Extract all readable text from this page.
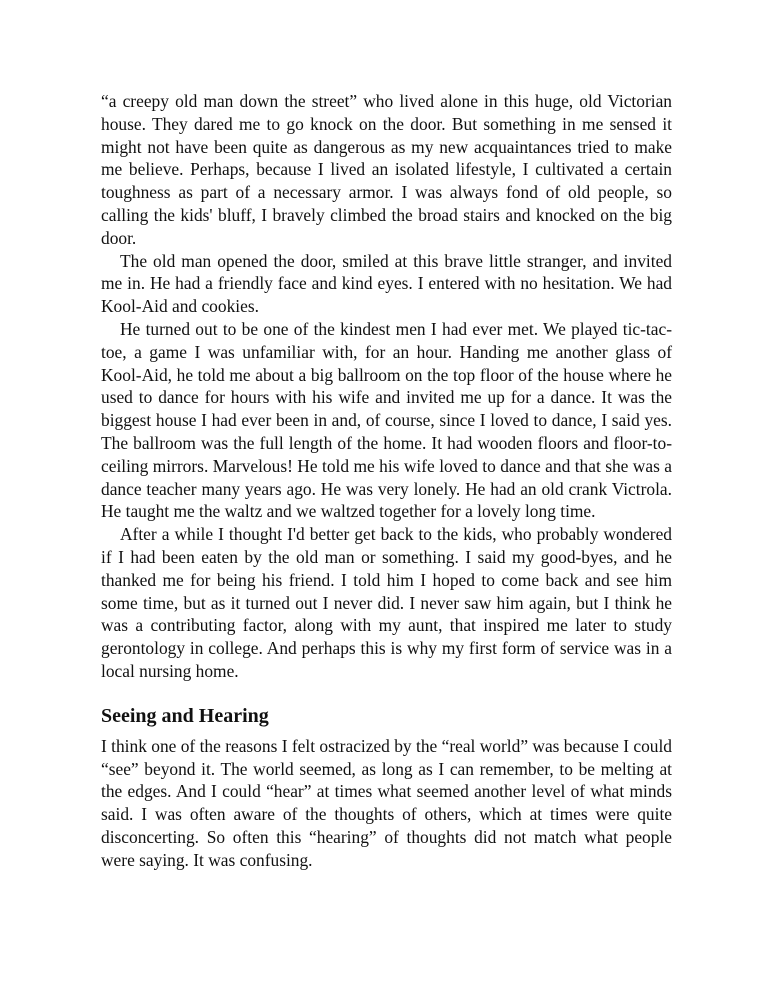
“a creepy old man down the street” who lived alone in this huge, old Victorian house. They dared me to go knock on the door. But something in me sensed it might not have been quite as dangerous as my new acquaintances tried to make me believe. Perhaps, because I lived an isolated lifestyle, I cultivated a certain toughness as part of a necessary armor. I was always fond of old people, so calling the kids' bluff, I bravely climbed the broad stairs and knocked on the big door.

The old man opened the door, smiled at this brave little stranger, and invited me in. He had a friendly face and kind eyes. I entered with no hesitation. We had Kool-Aid and cookies.

He turned out to be one of the kindest men I had ever met. We played tic-tac-toe, a game I was unfamiliar with, for an hour. Handing me another glass of Kool-Aid, he told me about a big ballroom on the top floor of the house where he used to dance for hours with his wife and invited me up for a dance. It was the biggest house I had ever been in and, of course, since I loved to dance, I said yes. The ballroom was the full length of the home. It had wooden floors and floor-to-ceiling mirrors. Marvelous! He told me his wife loved to dance and that she was a dance teacher many years ago. He was very lonely. He had an old crank Victrola. He taught me the waltz and we waltzed together for a lovely long time.

After a while I thought I'd better get back to the kids, who probably wondered if I had been eaten by the old man or something. I said my good-byes, and he thanked me for being his friend. I told him I hoped to come back and see him some time, but as it turned out I never did. I never saw him again, but I think he was a contributing factor, along with my aunt, that inspired me later to study gerontology in college. And perhaps this is why my first form of service was in a local nursing home.

Seeing and Hearing

I think one of the reasons I felt ostracized by the “real world” was because I could “see” beyond it. The world seemed, as long as I can remember, to be melting at the edges. And I could “hear” at times what seemed another level of what minds said. I was often aware of the thoughts of others, which at times were quite disconcerting. So often this “hearing” of thoughts did not match what people were saying. It was confusing.
